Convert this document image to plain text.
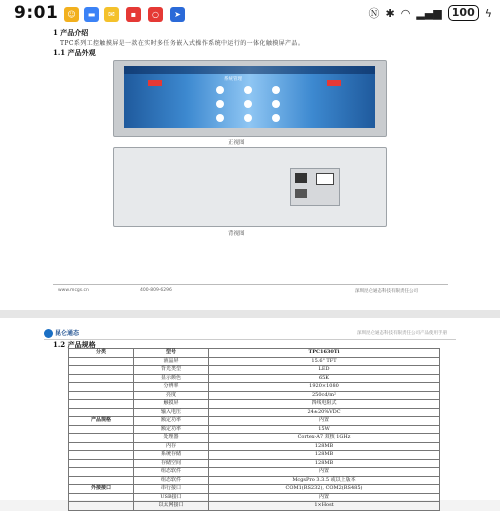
9:01	☺	▬	✉	▪	○	➤	Ⓝ ✱ ◠ ▂▄▆ 100 ϟ
1 产品介绍
TPC系列工控触摸屏是一款在实时多任务嵌入式操作系统中运行的一体化触摸屏产品。
1.1 产品外观
系统管理
正视图
背视图
www.mcgs.cn	400-809-6296	深圳昆仑通态科技有限责任公司
昆仑通态	深圳昆仑通态科技有限责任公司产品使用手册
1.2 产品规格
分类	型号	TPC1630Ti
	液晶屏	15.6" TFT
	背光类型	LED
	显示颜色	65K
	分辨率	1920×1080
	亮度	250cd/m²
	触摸屏	四线电阻式
	输入电压	24±20%VDC
产品规格	额定功率	内置
	额定功率	15W
	处理器	Cortex-A7 双核 1GHz
	内存	128MB
	系统存储	128MB
	存储空间	128MB
	组态软件	内置
	组态软件	McgsPro 3.3.5 或以上版本
外接接口	串行接口	COM1(RS232), COM2(RS485)
	USB接口	内置
	以太网接口	1×Host
